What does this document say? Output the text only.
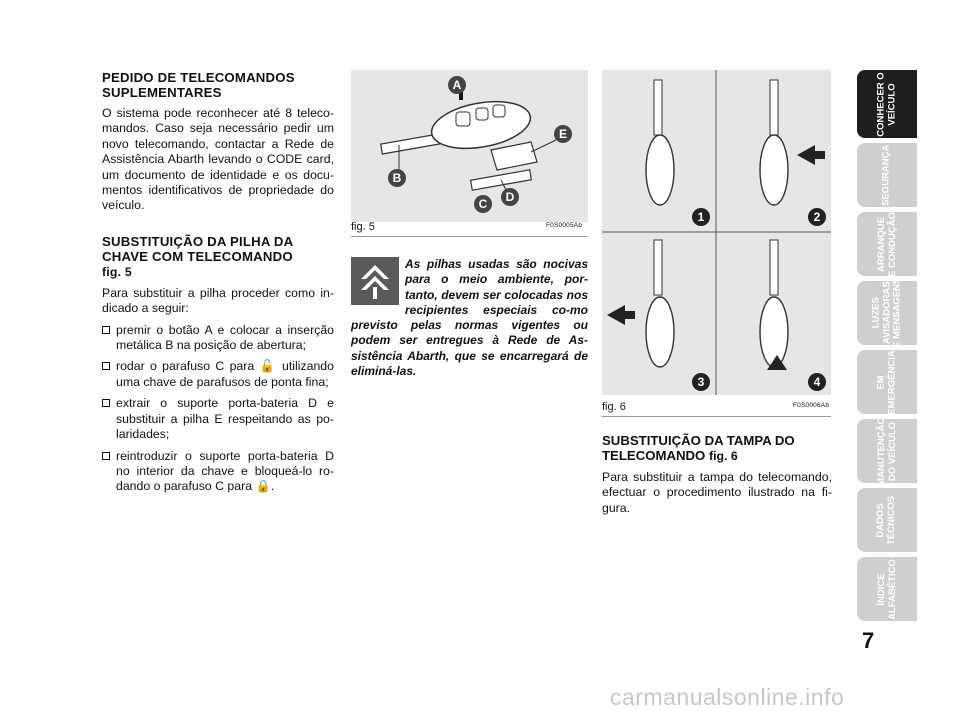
PEDIDO DE TELECOMANDOS SUPLEMENTARES

O sistema pode reconhecer até 8 teleco-mandos. Caso seja necessário pedir um novo telecomando, contactar a Rede de Assistência Abarth levando o CODE card, um documento de identidade e os docu-mentos identificativos de propriedade do veículo.

SUBSTITUIÇÃO DA PILHA DA CHAVE COM TELECOMANDO
fig. 5

Para substituir a pilha proceder como in-dicado a seguir:

premir o botão A e colocar a inserção metálica B na posição de abertura;
rodar o parafuso C para 🔓 utilizando uma chave de parafusos de ponta fina;
extrair o suporte porta-bateria D e substituir a pilha E respeitando as po-laridades;
reintroduzir o suporte porta-bateria D no interior da chave e bloqueá-lo ro-dando o parafuso C para 🔒.
A
B
C	D
E
fig. 5	F0S0005Ab
As pilhas usadas são nocivas para o meio ambiente, por-tanto, devem ser colocadas nos recipientes especiais co-mo previsto pelas normas vigentes ou podem ser entregues à Rede de As-sistência Abarth, que se encarregará de eliminá-las.
1	2
3	4
fig. 6	F0S0006Ab
SUBSTITUIÇÃO DA TAMPA DO TELECOMANDO fig. 6

Para substituir a tampa do telecomando, efectuar o procedimento ilustrado na fi-gura.

CONHECER O
VEÍCULO
SEGURANÇA
ARRANQUE
E CONDUÇÃO
LUZES
AVISADORAS
E MENSAGENS
EM
EMERGÊNCIA
MANUTENÇÃO
DO VEÍCULO
DADOS
TÉCNICOS
ÍNDICE
ALFABÉTICO
7
carmanualsonline.info
